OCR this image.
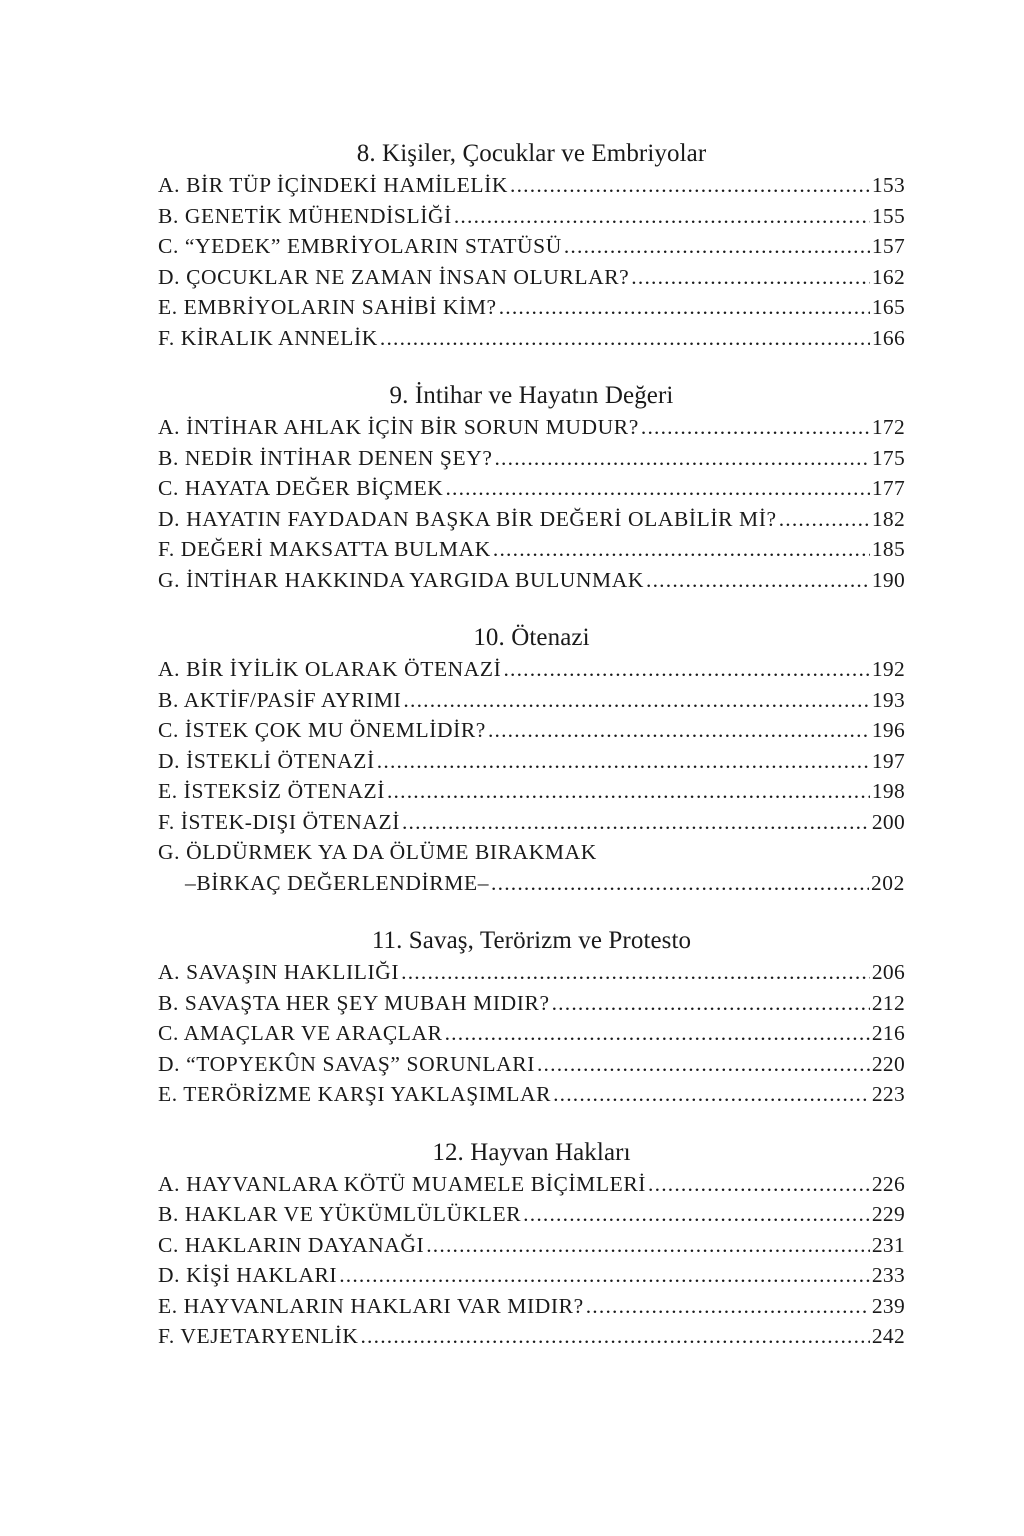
8. Kişiler, Çocuklar ve Embriyolar
A. BİR TÜP İÇİNDEKİ HAMİLELİK .....	153
B. GENETİK MÜHENDİSLİĞİ .....	155
C. “YEDEK” EMBRİYOLARIN STATÜSÜ .....	157
D. ÇOCUKLAR NE ZAMAN İNSAN OLURLAR? .....	162
E. EMBRİYOLARIN SAHİBİ KİM? .....	165
F. KİRALIK ANNELİK .....	166
9. İntihar ve Hayatın Değeri
A. İNTİHAR AHLAK İÇİN BİR SORUN MUDUR? .....	172
B. NEDİR İNTİHAR DENEN ŞEY? .....	175
C. HAYATA DEĞER BİÇMEK .....	177
D. HAYATIN FAYDADAN BAŞKA BİR DEĞERİ OLABİLİR Mİ? .....	182
F. DEĞERİ MAKSATTA BULMAK .....	185
G. İNTİHAR HAKKINDA YARGIDA BULUNMAK .....	190
10. Ötenazi
A. BİR İYİLİK OLARAK ÖTENAZİ .....	192
B. AKTİF/PASİF AYRIMI .....	193
C. İSTEK ÇOK MU ÖNEMLİDİR? .....	196
D. İSTEKLİ ÖTENAZİ .....	197
E. İSTEKSİZ ÖTENAZİ .....	198
F. İSTEK-DIŞI ÖTENAZİ .....	200
G. ÖLDÜRMEK YA DA ÖLÜME BIRAKMAK
–BİRKAÇ DEĞERLENDİRME– .....	202
11. Savaş, Terörizm ve Protesto
A. SAVAŞIN HAKLILIĞI .....	206
B. SAVAŞTA HER ŞEY MUBAH MIDIR? .....	212
C. AMAÇLAR VE ARAÇLAR .....	216
D. “TOPYEKÛN SAVAŞ” SORUNLARI .....	220
E. TERÖRİZME KARŞI YAKLAŞIMLAR .....	223
12. Hayvan Hakları
A. HAYVANLARA KÖTÜ MUAMELE BİÇİMLERİ .....	226
B. HAKLAR VE YÜKÜMLÜLÜKLER .....	229
C. HAKLARIN DAYANAĞI .....	231
D. KİŞİ HAKLARI .....	233
E. HAYVANLARIN HAKLARI VAR MIDIR? .....	239
F. VEJETARYENLİK .....	242
